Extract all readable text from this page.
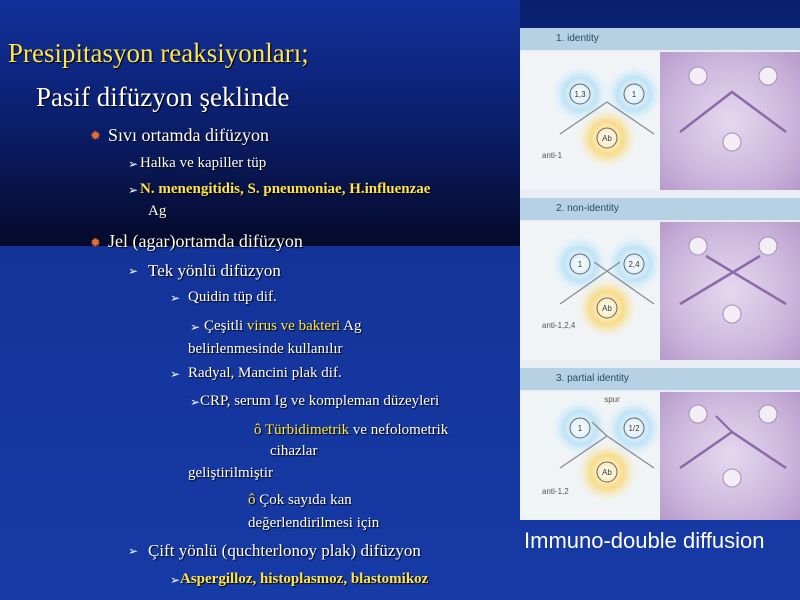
Presipitasyon reaksiyonları;
Pasif difüzyon şeklinde
✹ Sıvı ortamda difüzyon
➢ Halka ve kapiller tüp
➢ N. menengitidis, S. pneumoniae, H.influenzae
Ag
✹ Jel (agar)ortamda difüzyon
➢ Tek yönlü difüzyon
➢ Quidin tüp dif.
➢ Çeşitli virus ve bakteri Ag
belirlenmesinde kullanılır
➢ Radyal, Mancini plak dif.
➢ CRP, serum Ig ve kompleman düzeyleri
ô Türbidimetrik ve nefolometrik
cihazlar
geliştirilmiştir
ô Çok sayıda kan
değerlendirilmesi için
➢ Çift yönlü (quchterlonoy plak) difüzyon
➢ Aspergilloz, histoplasmoz, blastomikoz
1. identity
1,3	1
Ab
anti-1
2. non-identity
1	2,4
Ab
anti-1,2,4
3. partial identity
spur
1	1/2
Ab
anti-1,2
Immuno-double diffusion
